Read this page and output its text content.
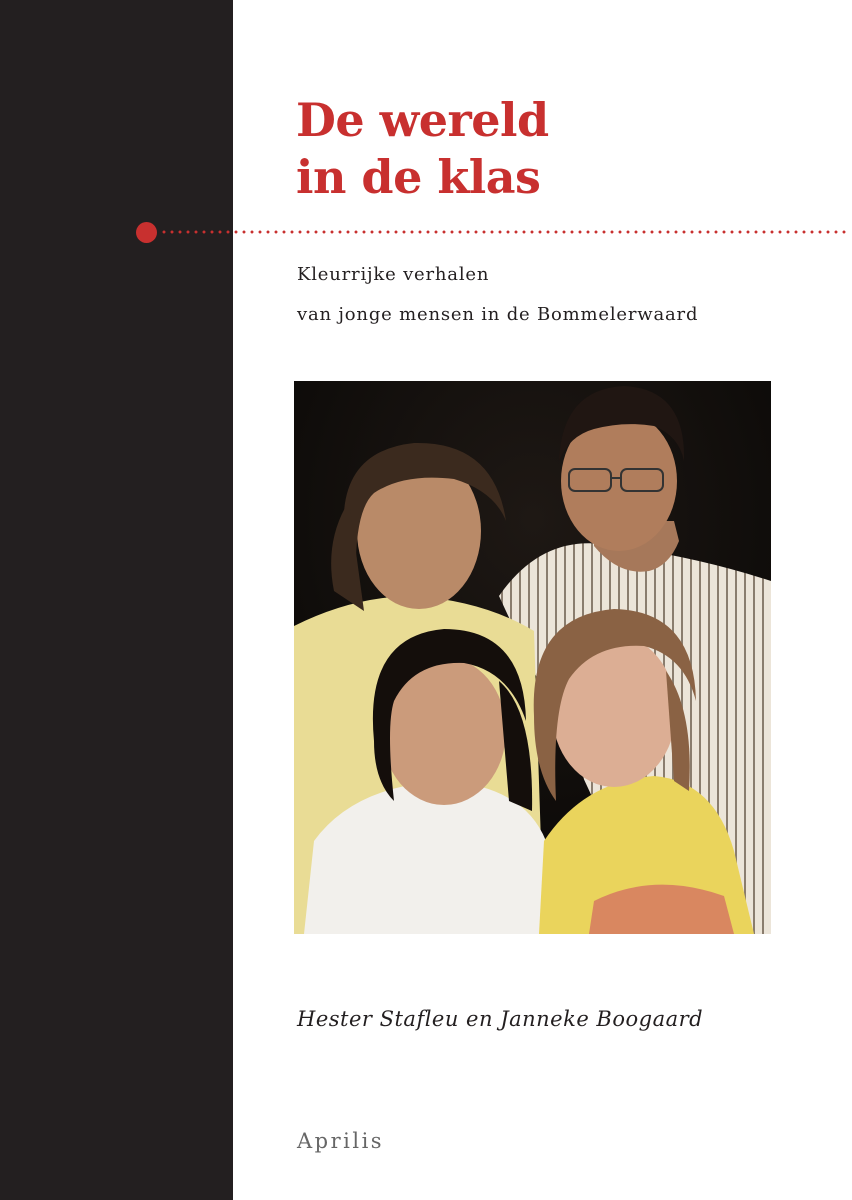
De wereld
in de klas
Kleurrijke verhalen
van jonge mensen in de Bommelerwaard
Hester Stafleu en Janneke Boogaard
Aprilis
